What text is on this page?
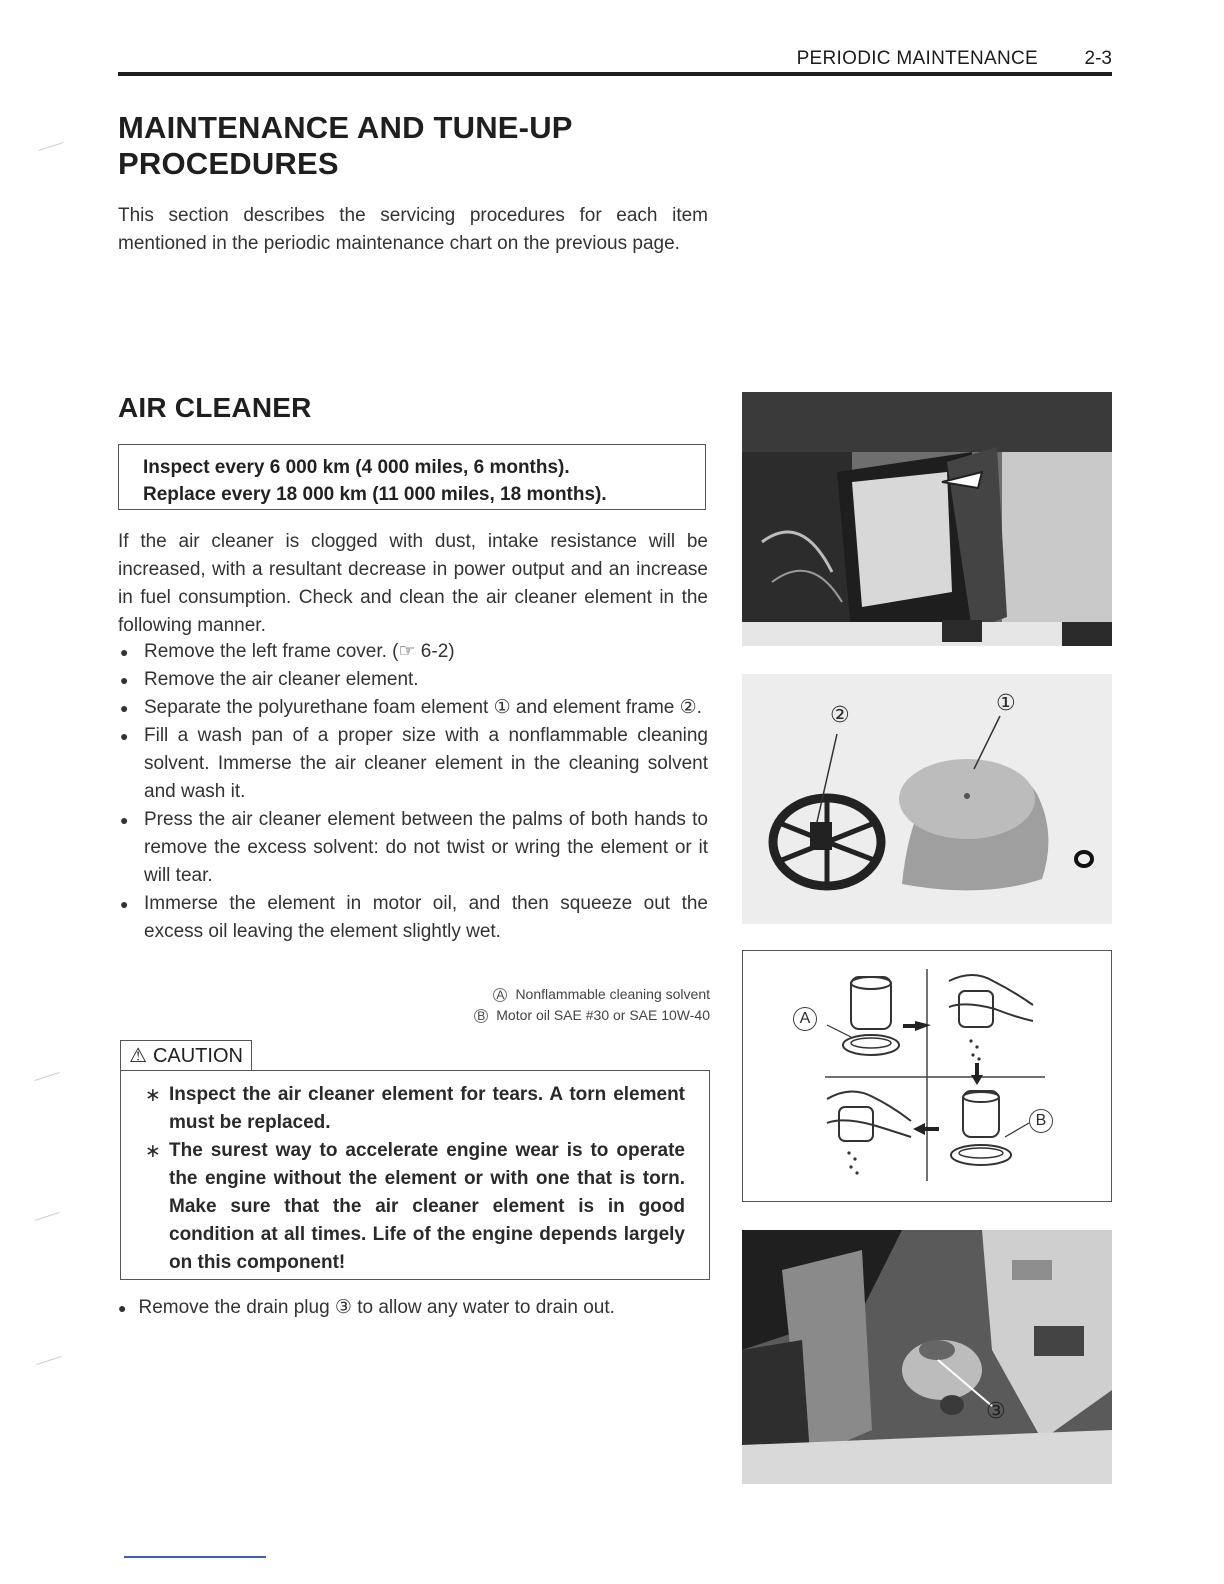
PERIODIC MAINTENANCE 2-3
MAINTENANCE AND TUNE-UP
PROCEDURES
This section describes the servicing procedures for each item mentioned in the periodic maintenance chart on the previous page.
AIR CLEANER
Inspect every 6 000 km (4 000 miles, 6 months).
Replace every 18 000 km (11 000 miles, 18 months).
If the air cleaner is clogged with dust, intake resistance will be increased, with a resultant decrease in power output and an increase in fuel consumption. Check and clean the air cleaner element in the following manner.
● Remove the left frame cover. (☞ 6-2)
● Remove the air cleaner element.
● Separate the polyurethane foam element ① and element frame ②.
● Fill a wash pan of a proper size with a nonflammable cleaning solvent. Immerse the air cleaner element in the cleaning solvent and wash it.
● Press the air cleaner element between the palms of both hands to remove the excess solvent: do not twist or wring the element or it will tear.
● Immerse the element in motor oil, and then squeeze out the excess oil leaving the element slightly wet.
A Nonflammable cleaning solvent
B Motor oil SAE #30 or SAE 10W-40
⚠ CAUTION
∗ Inspect the air cleaner element for tears. A torn element must be replaced.
∗ The surest way to accelerate engine wear is to operate the engine without the element or with one that is torn. Make sure that the air cleaner element is in good condition at all times. Life of the engine depends largely on this component!
● Remove the drain plug ③ to allow any water to drain out.
②	①
A
B
③
